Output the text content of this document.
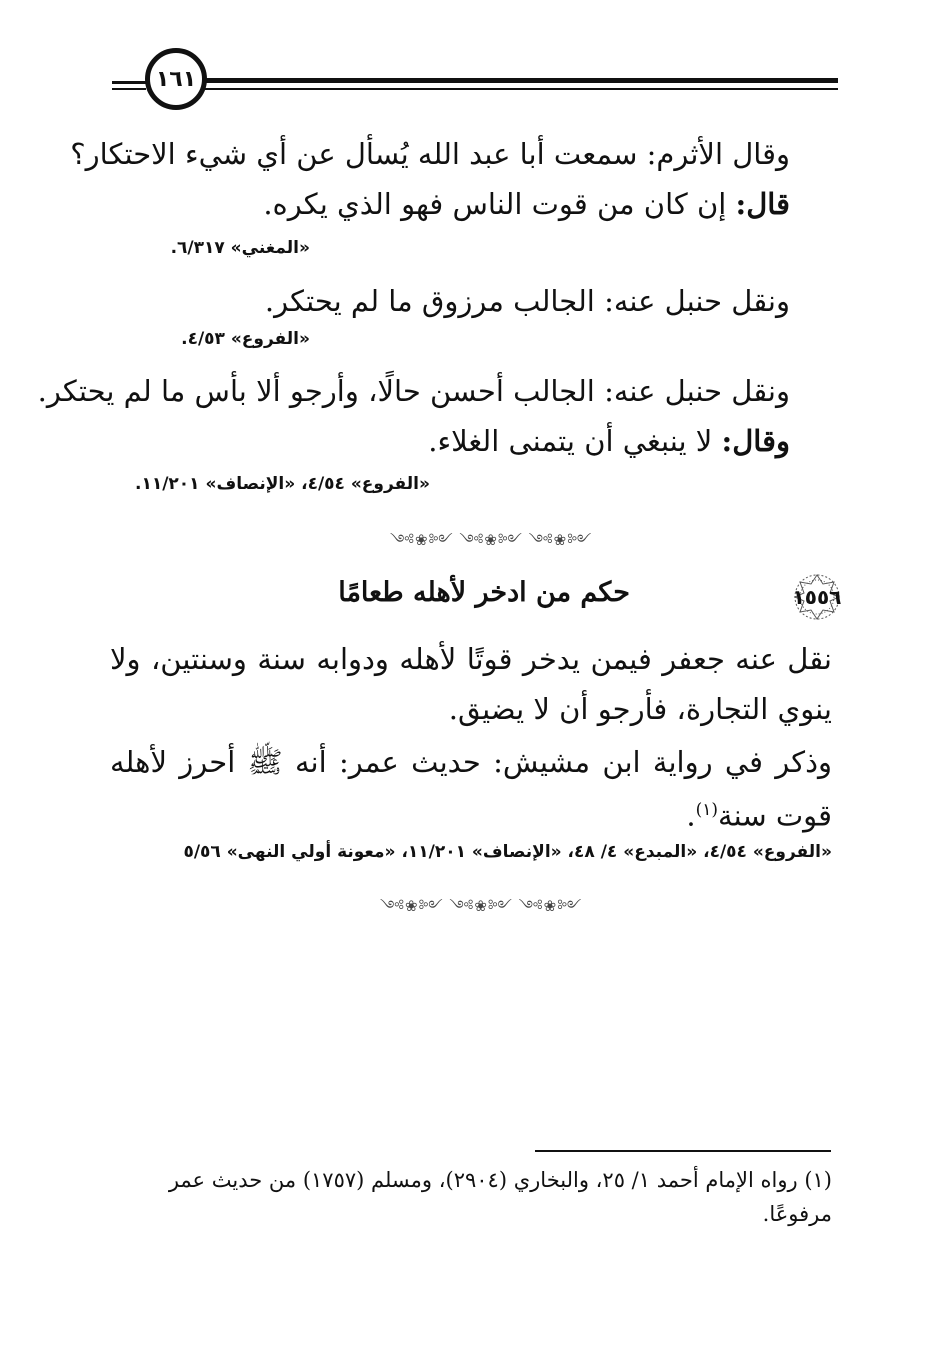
١٦١
وقال الأثرم: سمعت أبا عبد الله يُسأل عن أي شيء الاحتكار؟
قال: إن كان من قوت الناس فهو الذي يكره.
«المغني» ٦/٣١٧.
ونقل حنبل عنه: الجالب مرزوق ما لم يحتكر.
«الفروع» ٤/٥٣.
ونقل حنبل عنه: الجالب أحسن حالًا، وأرجو ألا بأس ما لم يحتكر.
وقال: لا ينبغي أن يتمنى الغلاء.
«الفروع» ٤/٥٤، «الإنصاف» ١١/٢٠١.
༺❀༻ ༺❀༻ ༺❀༻
١٥٥٦
حكم من ادخر لأهله طعامًا
نقل عنه جعفر فيمن يدخر قوتًا لأهله ودوابه سنة وسنتين، ولا ينوي التجارة، فأرجو أن لا يضيق.
وذكر في رواية ابن مشيش: حديث عمر: أنه ﷺ أحرز لأهله قوت سنة$^{(١)}$.
«الفروع» ٤/٥٤، «المبدع» ٤/ ٤٨، «الإنصاف» ١١/٢٠١، «معونة أولي النهى» ٥/٥٦
༺❀༻ ༺❀༻ ༺❀༻
(١) رواه الإمام أحمد ١/ ٢٥، والبخاري (٢٩٠٤)، ومسلم (١٧٥٧) من حديث عمر مرفوعًا.
